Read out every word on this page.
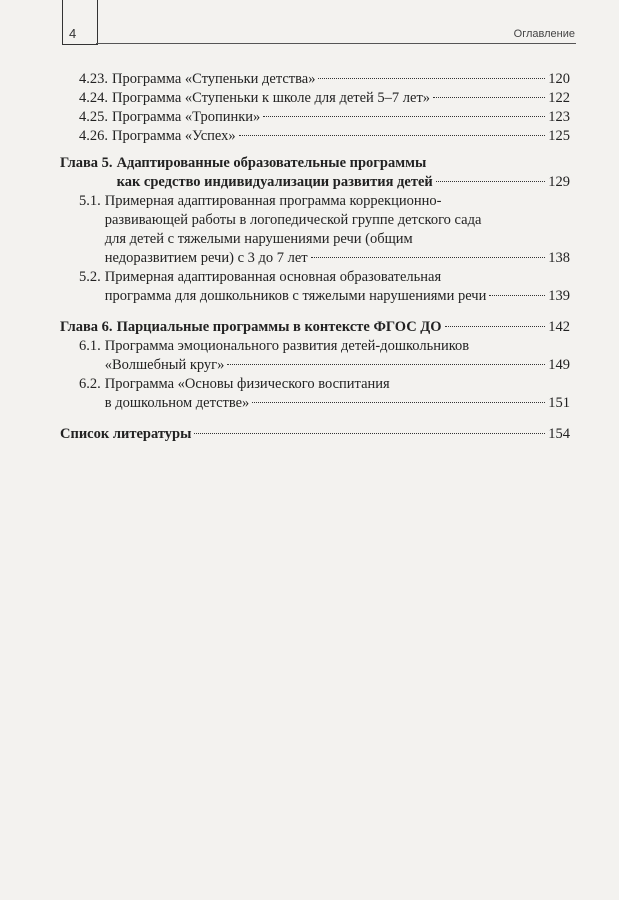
4	Оглавление
4.23. Программа «Ступеньки детства»	120
4.24. Программа «Ступеньки к школе для детей 5–7 лет»	122
4.25. Программа «Тропинки»	123
4.26. Программа «Успех»	125
Глава 5. Адаптированные образовательные программы
как средство индивидуализации развития детей	129
5.1. Примерная адаптированная программа коррекционно-
развивающей работы в логопедической группе детского сада
для детей с тяжелыми нарушениями речи (общим
недоразвитием речи) с 3 до 7 лет	138
5.2. Примерная адаптированная основная образовательная
программа для дошкольников с тяжелыми нарушениями речи	139
Глава 6. Парциальные программы в контексте ФГОС ДО	142
6.1. Программа эмоционального развития детей-дошкольников
«Волшебный круг»	149
6.2. Программа «Основы физического воспитания
в дошкольном детстве»	151
Список литературы	154
